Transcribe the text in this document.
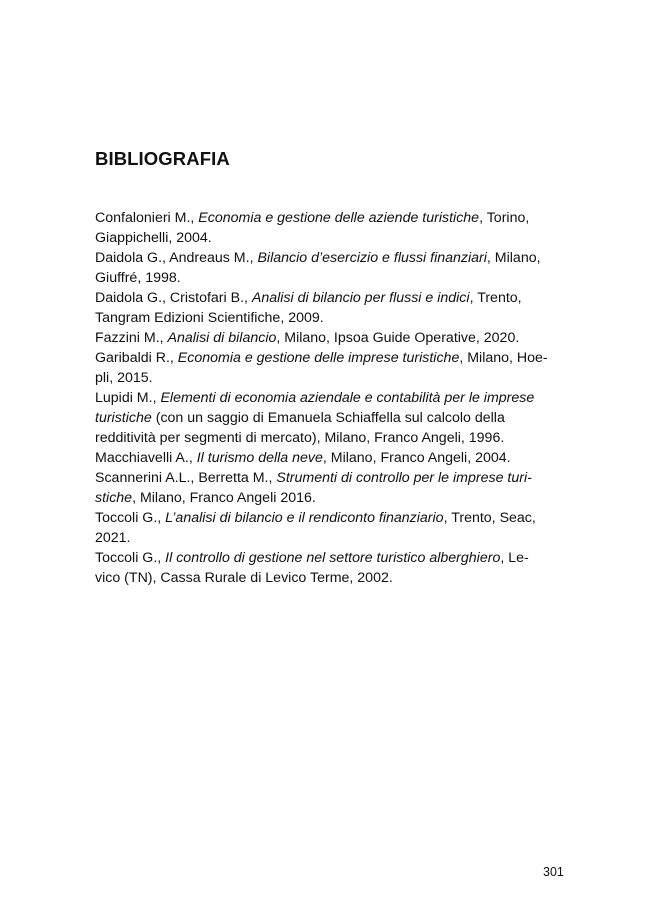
BIBLIOGRAFIA
Confalonieri M., Economia e gestione delle aziende turistiche, Torino,
Giappichelli, 2004.
Daidola G., Andreaus M., Bilancio d’esercizio e flussi finanziari, Milano,
Giuffré, 1998.
Daidola G., Cristofari B., Analisi di bilancio per flussi e indici, Trento,
Tangram Edizioni Scientifiche, 2009.
Fazzini M., Analisi di bilancio, Milano, Ipsoa Guide Operative, 2020.
Garibaldi R., Economia e gestione delle imprese turistiche, Milano, Hoe-
pli, 2015.
Lupidi M., Elementi di economia aziendale e contabilità per le imprese
turistiche (con un saggio di Emanuela Schiaffella sul calcolo della
redditività per segmenti di mercato), Milano, Franco Angeli, 1996.
Macchiavelli A., Il turismo della neve, Milano, Franco Angeli, 2004.
Scannerini A.L., Berretta M., Strumenti di controllo per le imprese turi-
stiche, Milano, Franco Angeli 2016.
Toccoli G., L’analisi di bilancio e il rendiconto finanziario, Trento, Seac,
2021.
Toccoli G., Il controllo di gestione nel settore turistico alberghiero, Le-
vico (TN), Cassa Rurale di Levico Terme, 2002.
301
